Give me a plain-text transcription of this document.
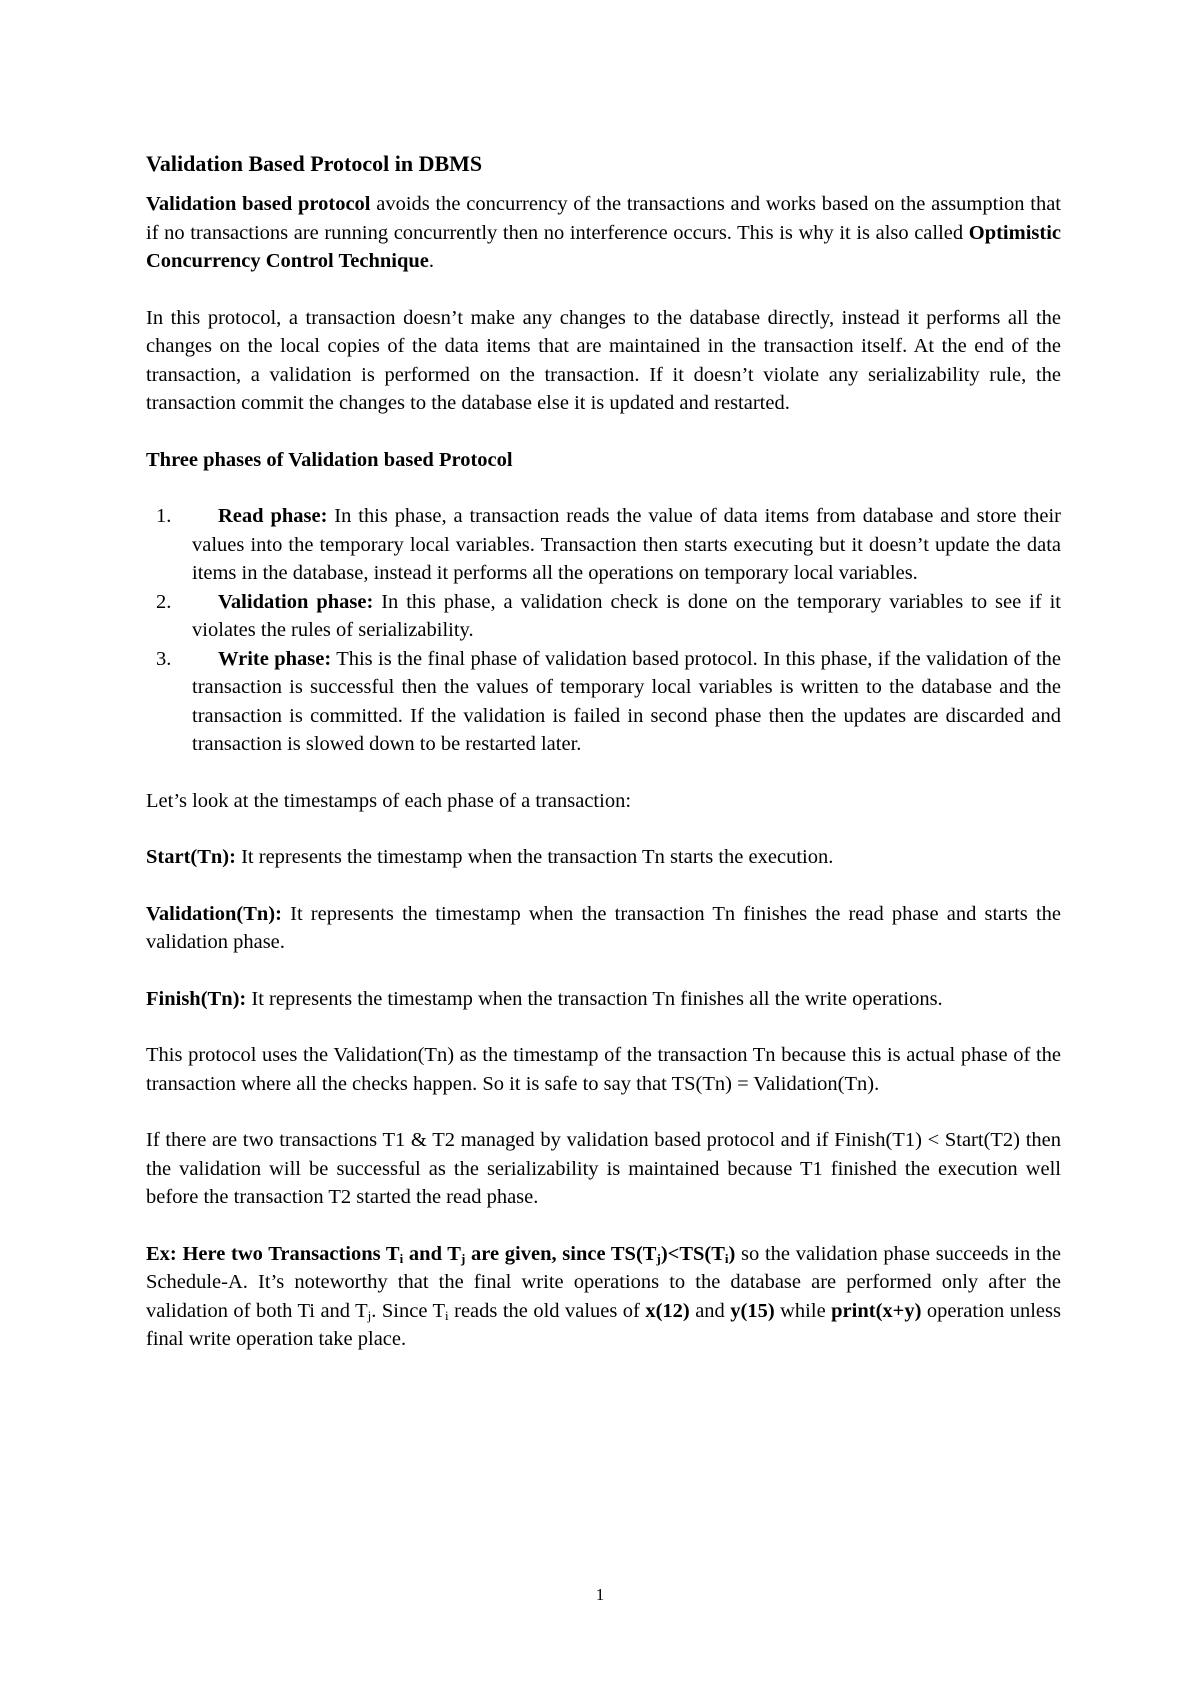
Validation Based Protocol in DBMS

Validation based protocol avoids the concurrency of the transactions and works based on the assumption that if no transactions are running concurrently then no interference occurs. This is why it is also called Optimistic Concurrency Control Technique.

In this protocol, a transaction doesn’t make any changes to the database directly, instead it performs all the changes on the local copies of the data items that are maintained in the transaction itself. At the end of the transaction, a validation is performed on the transaction. If it doesn’t violate any serializability rule, the transaction commit the changes to the database else it is updated and restarted.

Three phases of Validation based Protocol
1. Read phase: In this phase, a transaction reads the value of data items from database and store their values into the temporary local variables. Transaction then starts executing but it doesn’t update the data items in the database, instead it performs all the operations on temporary local variables.
2. Validation phase: In this phase, a validation check is done on the temporary variables to see if it violates the rules of serializability.
3. Write phase: This is the final phase of validation based protocol. In this phase, if the validation of the transaction is successful then the values of temporary local variables is written to the database and the transaction is committed. If the validation is failed in second phase then the updates are discarded and transaction is slowed down to be restarted later.

Let’s look at the timestamps of each phase of a transaction:

Start(Tn): It represents the timestamp when the transaction Tn starts the execution.

Validation(Tn): It represents the timestamp when the transaction Tn finishes the read phase and starts the validation phase.

Finish(Tn): It represents the timestamp when the transaction Tn finishes all the write operations.

This protocol uses the Validation(Tn) as the timestamp of the transaction Tn because this is actual phase of the transaction where all the checks happen. So it is safe to say that TS(Tn) = Validation(Tn).

If there are two transactions T1 & T2 managed by validation based protocol and if Finish(T1) < Start(T2) then the validation will be successful as the serializability is maintained because T1 finished the execution well before the transaction T2 started the read phase.

Ex: Here two Transactions $T_i$ and $T_j$ are given, since $TS(T_j)<TS(T_i)$ so the validation phase succeeds in the Schedule-A. It’s noteworthy that the final write operations to the database are performed only after the validation of both Ti and $T_j$. Since $T_i$ reads the old values of x(12) and y(15) while print(x+y) operation unless final write operation take place.

1
